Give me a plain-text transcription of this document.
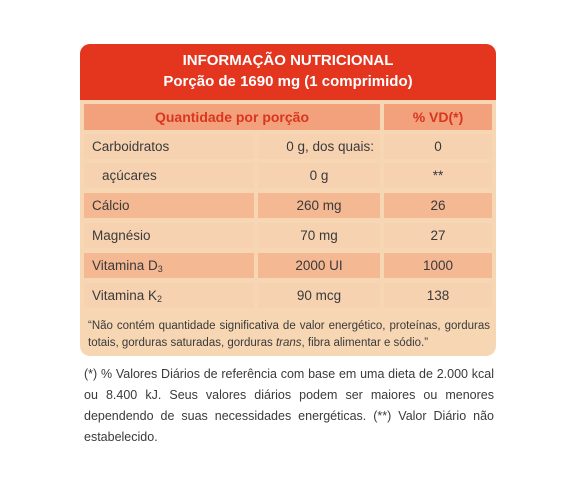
INFORMAÇÃO NUTRICIONAL
Porção de 1690 mg (1 comprimido)
Quantidade por porção	% VD(*)
Carboidratos	0 g, dos quais:	0
açúcares	0 g	**
Cálcio	260 mg	26
Magnésio	70 mg	27
Vitamina $D_3$	2000 UI	1000
Vitamina $K_2$	90 mcg	138
“Não contém quantidade significativa de valor energético, proteínas, gorduras totais, gorduras saturadas, gorduras trans, fibra alimentar e sódio.”
(*) % Valores Diários de referência com base em uma dieta de 2.000 kcal ou 8.400 kJ. Seus valores diários podem ser maiores ou menores dependendo de suas necessidades energéticas. (**) Valor Diário não estabelecido.
